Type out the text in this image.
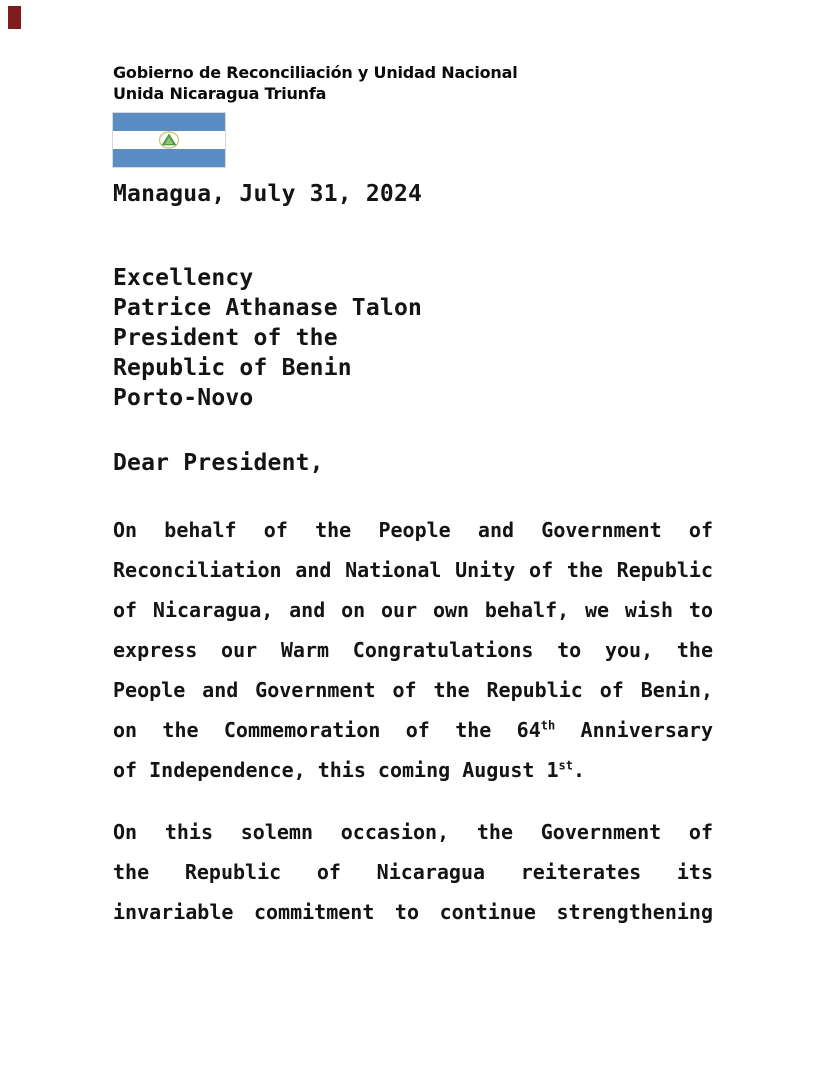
Gobierno de Reconciliación y Unidad Nacional
Unida Nicaragua Triunfa
Managua, July 31, 2024
Excellency
Patrice Athanase Talon
President of the
Republic of Benin
Porto-Novo
Dear President,
On behalf of the People and Government of
Reconciliation and National Unity of the Republic
of Nicaragua, and on our own behalf, we wish to
express our Warm Congratulations to you, the
People and Government of the Republic of Benin,
on the Commemoration of the 64th Anniversary
of Independence, this coming August 1st.
On this solemn occasion, the Government of
the Republic of Nicaragua reiterates its
invariable commitment to continue strengthening
